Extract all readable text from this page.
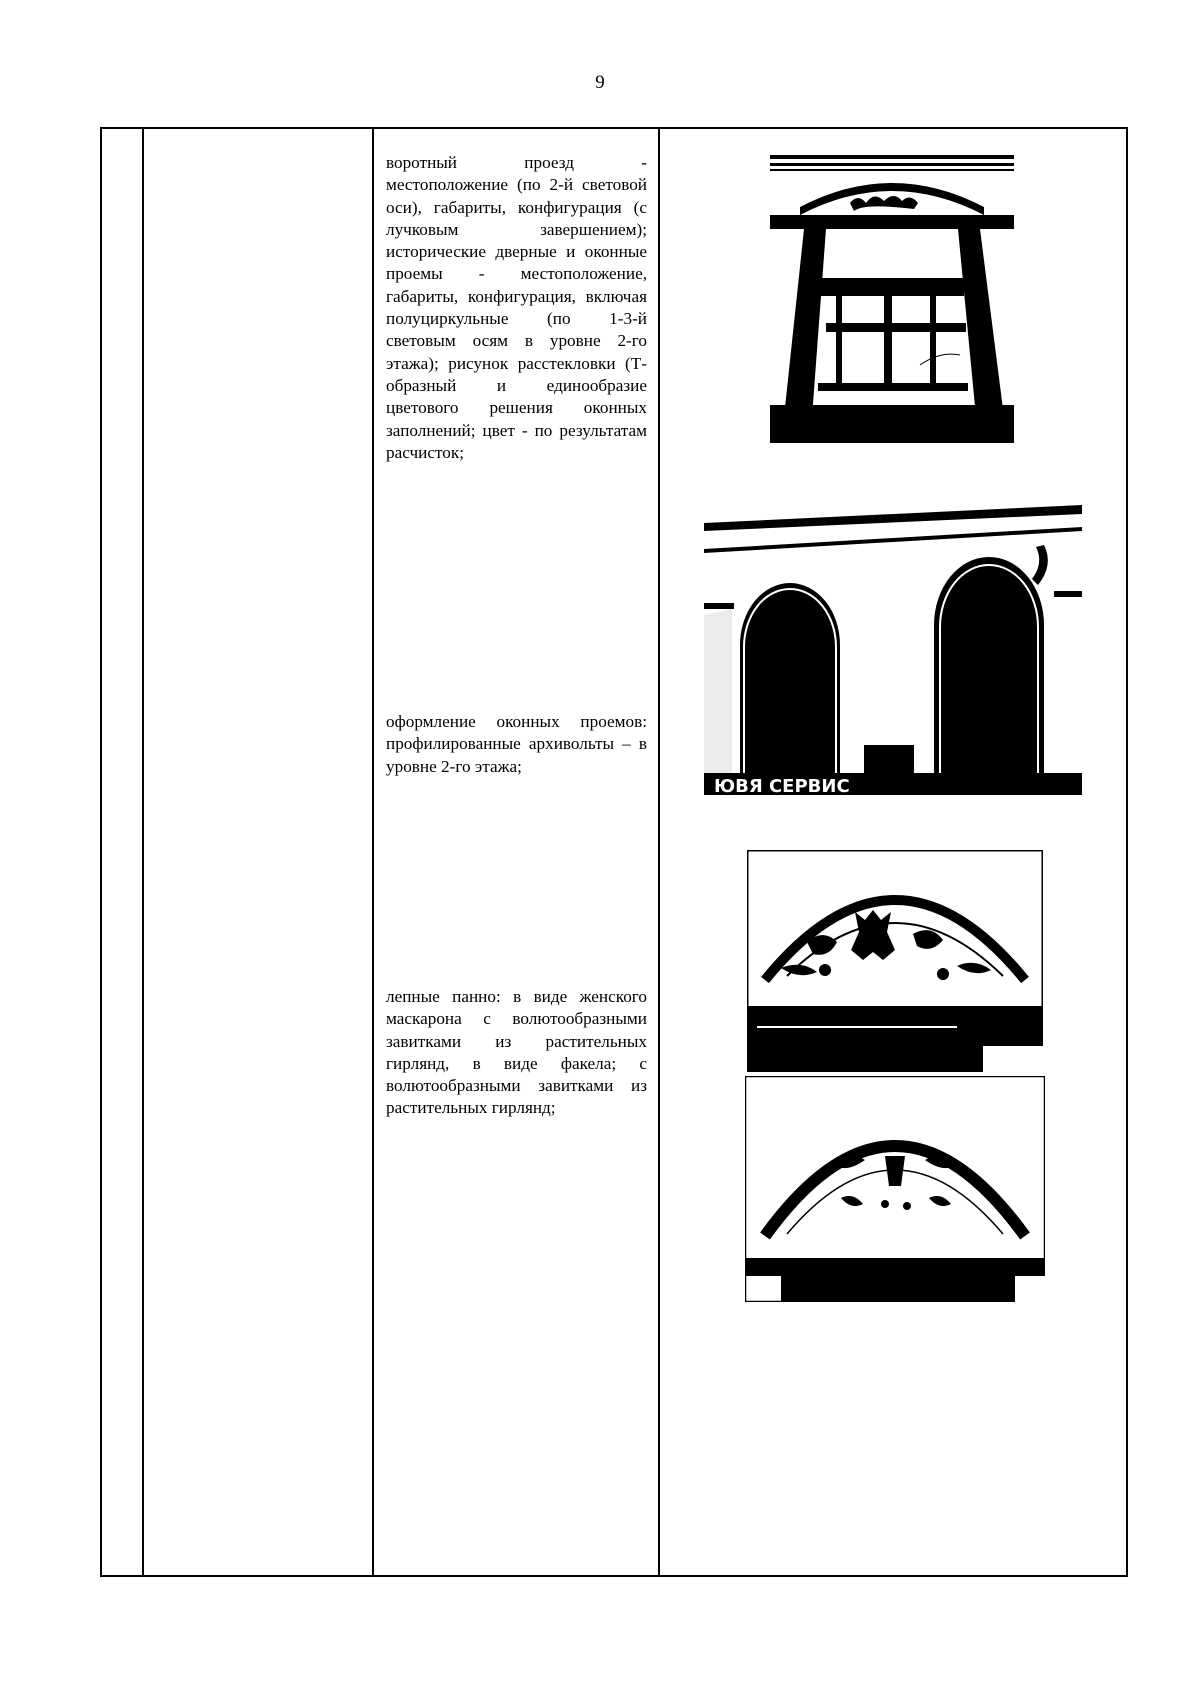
9
воротный проезд - местоположение (по 2-й световой оси), габариты, конфигурация (с лучковым завершением); исторические дверные и оконные проемы - местоположение, габариты, конфигурация, включая полуциркульные (по 1-3-й световым осям в уровне 2-го этажа); рисунок расстекловки (Т-образный и единообразие цветового решения оконных заполнений; цвет - по результатам расчисток;
оформление оконных проемов: профилированные архивольты – в уровне 2-го этажа;
лепные панно: в виде женского маскарона с волютообразными завитками из растительных гирлянд, в виде факела; с волютообразными завитками из растительных гирлянд;
ЮВЯ СЕРВИС
